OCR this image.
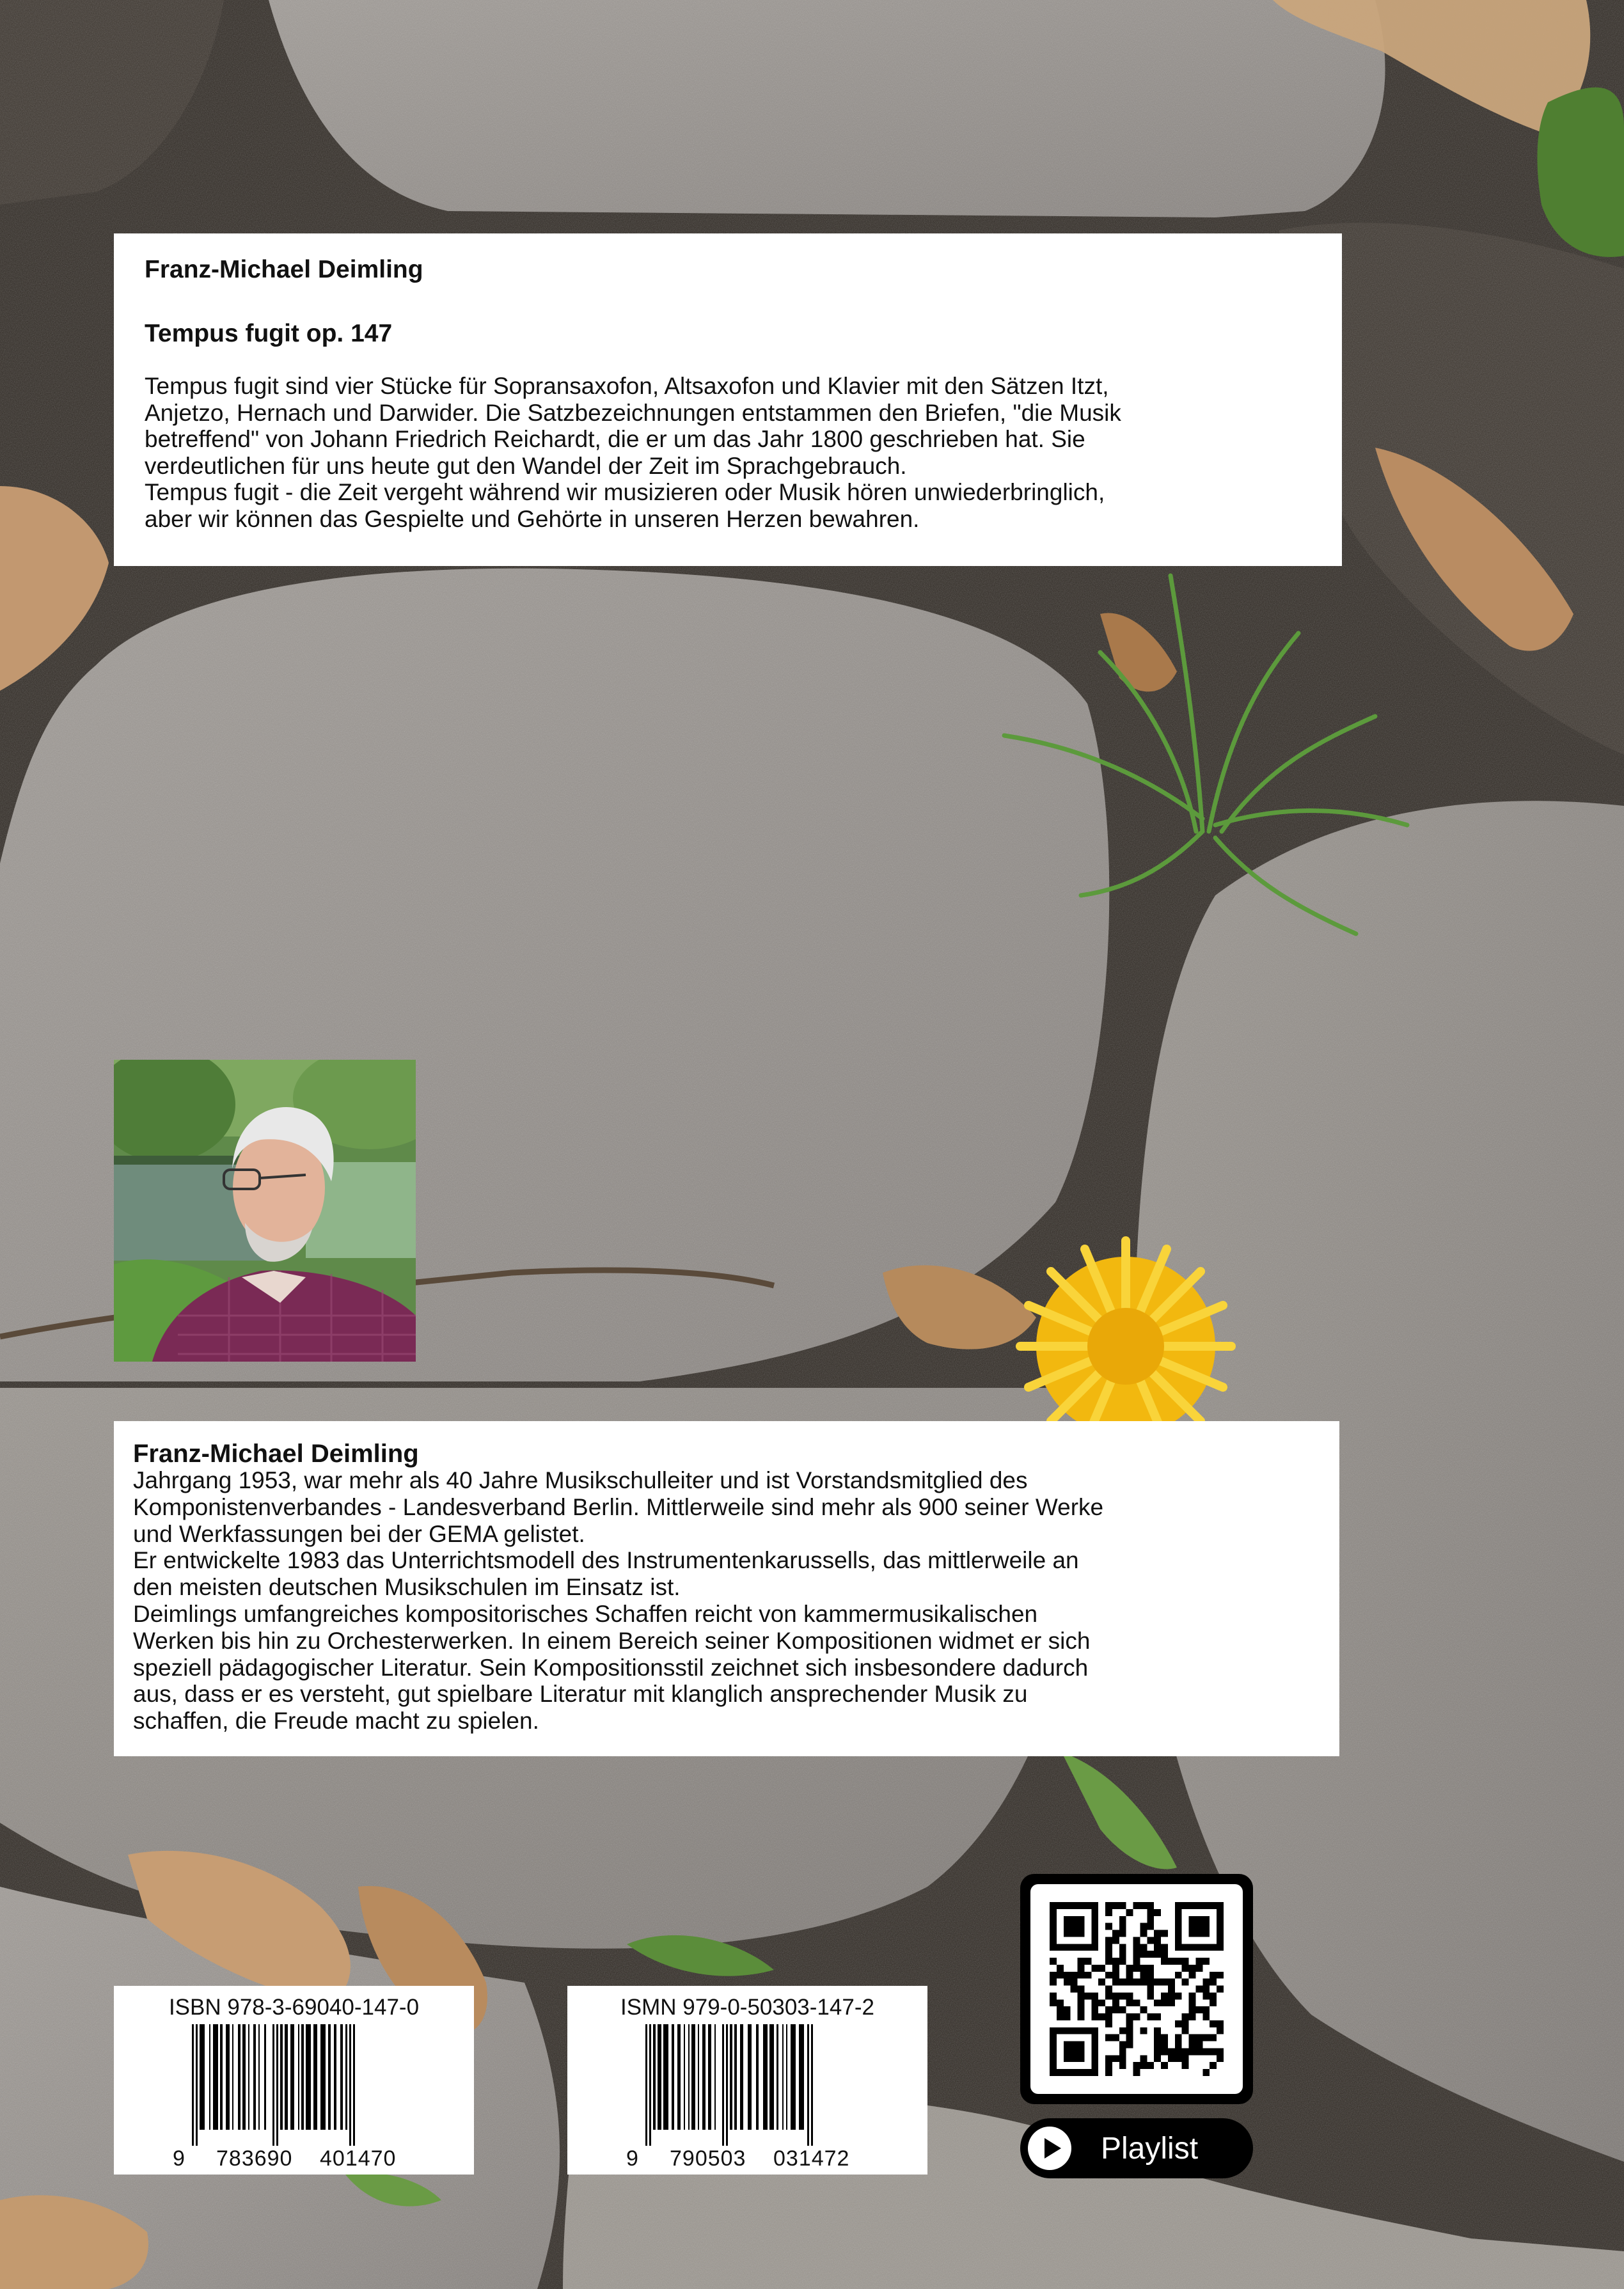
Franz-Michael Deimling

Tempus fugit op. 147

Tempus fugit sind vier Stücke für Sopransaxofon, Altsaxofon und Klavier mit den Sätzen Itzt,
Anjetzo, Hernach und Darwider. Die Satzbezeichnungen entstammen den Briefen, "die Musik
betreffend" von Johann Friedrich Reichardt, die er um das Jahr 1800 geschrieben hat. Sie
verdeutlichen für uns heute gut den Wandel der Zeit im Sprachgebrauch.
Tempus fugit - die Zeit vergeht während wir musizieren oder Musik hören unwiederbringlich,
aber wir können das Gespielte und Gehörte in unseren Herzen bewahren.

Franz-Michael Deimling

Jahrgang 1953, war mehr als 40 Jahre Musikschulleiter und ist Vorstandsmitglied des
Komponistenverbandes - Landesverband Berlin. Mittlerweile sind mehr als 900 seiner Werke
und Werkfassungen bei der GEMA gelistet.
Er entwickelte 1983 das Unterrichtsmodell des Instrumentenkarussells, das mittlerweile an
den meisten deutschen Musikschulen im Einsatz ist.
Deimlings umfangreiches kompositorisches Schaffen reicht von kammermusikalischen
Werken bis hin zu Orchesterwerken. In einem Bereich seiner Kompositionen widmet er sich
speziell pädagogischer Literatur. Sein Kompositionsstil zeichnet sich insbesondere dadurch
aus, dass er es versteht, gut spielbare Literatur mit klanglich ansprechender Musik zu
schaffen, die Freude macht zu spielen.
ISBN 978-3-69040-147-0
9 783690 401470
ISMN 979-0-50303-147-2
9 790503 031472	Playlist
